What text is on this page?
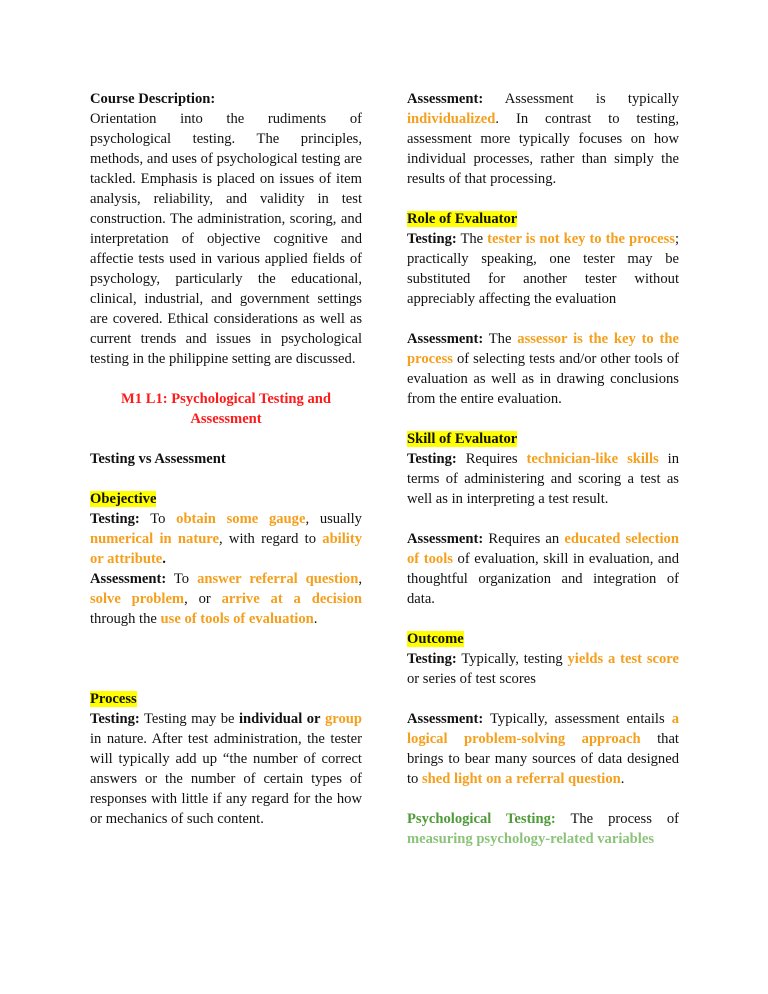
Course Description:
Orientation into the rudiments of psychological testing. The principles, methods, and uses of psychological testing are tackled. Emphasis is placed on issues of item analysis, reliability, and validity in test construction. The administration, scoring, and interpretation of objective cognitive and affectie tests used in various applied fields of psychology, particularly the educational, clinical, industrial, and government settings are covered. Ethical considerations as well as current trends and issues in psychological testing in the philippine setting are discussed.

M1 L1: Psychological Testing and Assessment

Testing vs Assessment

Obejective
Testing: To obtain some gauge, usually numerical in nature, with regard to ability or attribute.
Assessment: To answer referral question, solve problem, or arrive at a decision through the use of tools of evaluation.

Process
Testing: Testing may be individual or group in nature. After test administration, the tester will typically add up “the number of correct answers or the number of certain types of responses with little if any regard for the how or mechanics of such content.

Assessment: Assessment is typically individualized. In contrast to testing, assessment more typically focuses on how individual processes, rather than simply the results of that processing.

Role of Evaluator
Testing: The tester is not key to the process; practically speaking, one tester may be substituted for another tester without appreciably affecting the evaluation

Assessment: The assessor is the key to the process of selecting tests and/or other tools of evaluation as well as in drawing conclusions from the entire evaluation.

Skill of Evaluator
Testing: Requires technician-like skills in terms of administering and scoring a test as well as in interpreting a test result.

Assessment: Requires an educated selection of tools of evaluation, skill in evaluation, and thoughtful organization and integration of data.

Outcome
Testing: Typically, testing yields a test score or series of test scores

Assessment: Typically, assessment entails a logical problem-solving approach that brings to bear many sources of data designed to shed light on a referral question.

Psychological Testing: The process of measuring psychology-related variables
